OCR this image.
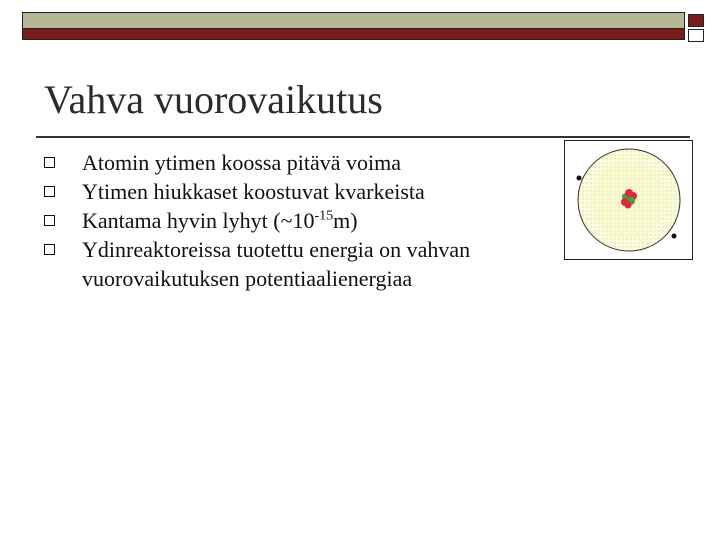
Vahva vuorovaikutus
Atomin ytimen koossa pitävä voima
Ytimen hiukkaset koostuvat kvarkeista
Kantama hyvin lyhyt $(\sim 10^{-15}m)$
Ydinreaktoreissa tuotettu energia on vahvan vuorovaikutuksen potentiaalienergiaa
